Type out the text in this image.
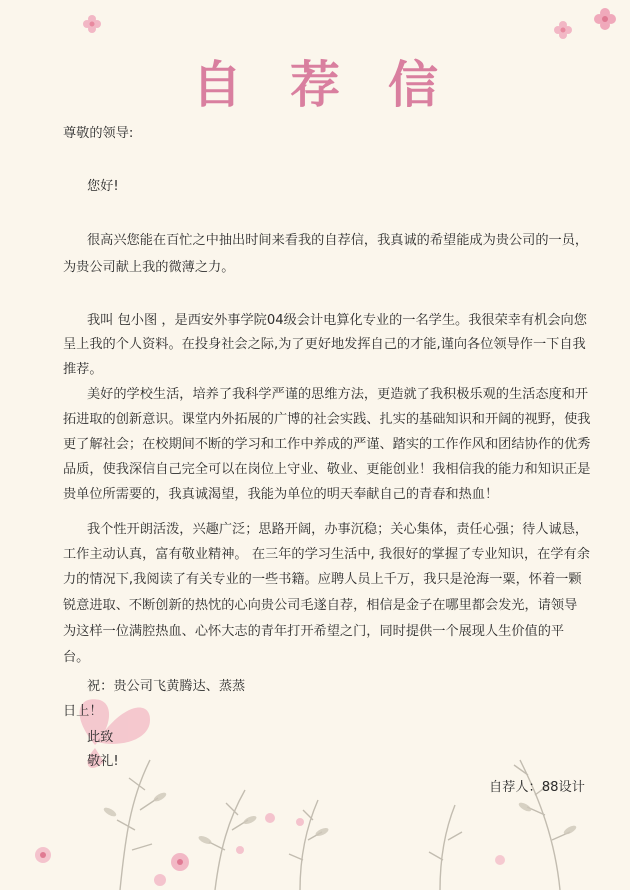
自荐信
尊敬的领导:
您好!
很高兴您能在百忙之中抽出时间来看我的自荐信，我真诚的希望能成为贵公司的一员，
为贵公司献上我的微薄之力。
我叫 包小图 ，是西安外事学院04级会计电算化专业的一名学生。我很荣幸有机会向您
呈上我的个人资料。在投身社会之际,为了更好地发挥自己的才能,谨向各位领导作一下自我
推荐。
美好的学校生活，培养了我科学严谨的思维方法，更造就了我积极乐观的生活态度和开
拓进取的创新意识。课堂内外拓展的广博的社会实践、扎实的基础知识和开阔的视野，使我
更了解社会；在校期间不断的学习和工作中养成的严谨、踏实的工作作风和团结协作的优秀
品质，使我深信自己完全可以在岗位上守业、敬业、更能创业！我相信我的能力和知识正是
贵单位所需要的，我真诚渴望，我能为单位的明天奉献自己的青春和热血！
我个性开朗活泼，兴趣广泛；思路开阔，办事沉稳；关心集体，责任心强；待人诚恳，
工作主动认真，富有敬业精神。 在三年的学习生活中, 我很好的掌握了专业知识，在学有余
力的情况下,我阅读了有关专业的一些书籍。应聘人员上千万，我只是沧海一粟，怀着一颗
锐意进取、不断创新的热忱的心向贵公司毛遂自荐，相信是金子在哪里都会发光，请领导
为这样一位满腔热血、心怀大志的青年打开希望之门，同时提供一个展现人生价值的平
台。
祝：贵公司飞黄腾达、蒸蒸
日上！
此致
敬礼!
自荐人：88设计
